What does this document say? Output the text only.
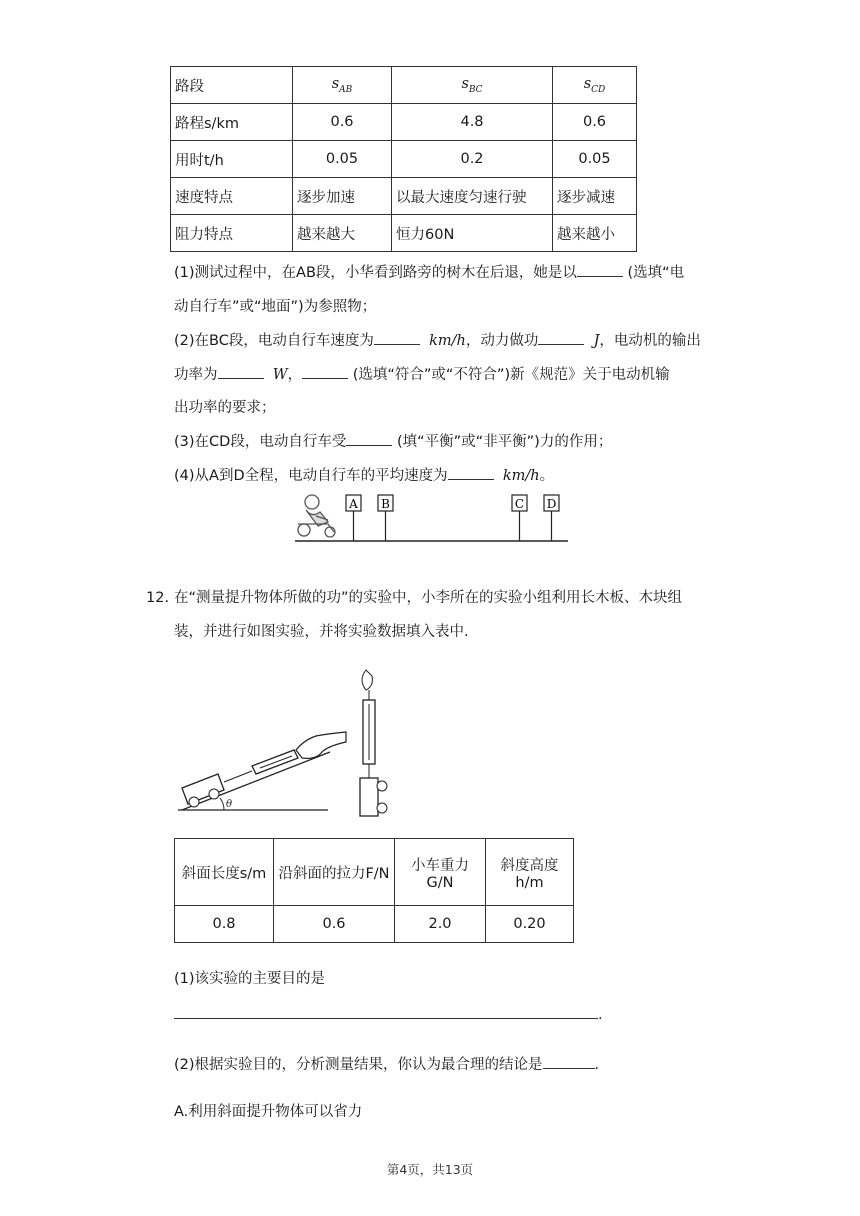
路段	$s_{AB}$	$s_{BC}$	$s_{CD}$
路程s/km	0.6	4.8	0.6
用时t/h	0.05	0.2	0.05
速度特点	逐步加速	以最大速度匀速行驶	逐步减速
阻力特点	越来越大	恒力60N	越来越小
(1)测试过程中，在AB段，小华看到路旁的树木在后退，她是以	(选填“电
动自行车”或“地面”)为参照物；
(2)在BC段，电动自行车速度为	km/h，动力做功	J，电动机的输出
功率为	W，	(选填“符合”或“不符合”)新《规范》关于电动机输
出功率的要求；
(3)在CD段，电动自行车受	(填“平衡”或“非平衡”)力的作用；
(4)从A到D全程，电动自行车的平均速度为	km/h。
A B	C D
12. 在“测量提升物体所做的功”的实验中，小李所在的实验小组利用长木板、木块组
装，并进行如图实验，并将实验数据填入表中.
θ
斜面长度s/m	沿斜面的拉力F/N	小车重力G/N	斜度高度h/m
0.8	0.6	2.0	0.20
(1)该实验的主要目的是
.
(2)根据实验目的，分析测量结果，你认为最合理的结论是	.
A.利用斜面提升物体可以省力
第4页，共13页
